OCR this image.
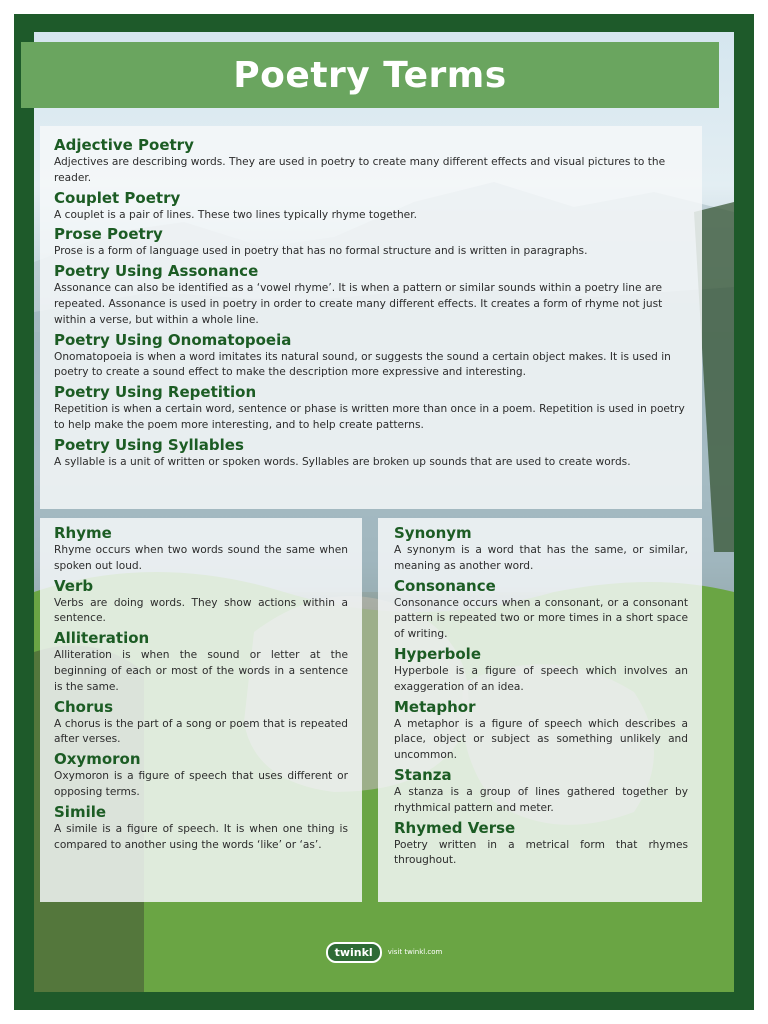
Poetry Terms
Adjective Poetry

Adjectives are describing words. They are used in poetry to create many different effects and visual pictures to the reader.

Couplet Poetry

A couplet is a pair of lines. These two lines typically rhyme together.

Prose Poetry

Prose is a form of language used in poetry that has no formal structure and is written in paragraphs.

Poetry Using Assonance

Assonance can also be identified as a ‘vowel rhyme’. It is when a pattern or similar sounds within a poetry line are repeated. Assonance is used in poetry in order to create many different effects. It creates a form of rhyme not just within a verse, but within a whole line.

Poetry Using Onomatopoeia

Onomatopoeia is when a word imitates its natural sound, or suggests the sound a certain object makes. It is used in poetry to create a sound effect to make the description more expressive and interesting.

Poetry Using Repetition

Repetition is when a certain word, sentence or phase is written more than once in a poem. Repetition is used in poetry to help make the poem more interesting, and to help create patterns.

Poetry Using Syllables

A syllable is a unit of written or spoken words. Syllables are broken up sounds that are used to create words.

Rhyme

Rhyme occurs when two words sound the same when spoken out loud.

Verb

Verbs are doing words. They show actions within a sentence.

Alliteration

Alliteration is when the sound or letter at the beginning of each or most of the words in a sentence is the same.

Chorus

A chorus is the part of a song or poem that is repeated after verses.

Oxymoron

Oxymoron is a figure of speech that uses different or opposing terms.

Simile

A simile is a figure of speech. It is when one thing is compared to another using the words ‘like’ or ‘as’.

Synonym

A synonym is a word that has the same, or similar, meaning as another word.

Consonance

Consonance occurs when a consonant, or a consonant pattern is repeated two or more times in a short space of writing.

Hyperbole

Hyperbole is a figure of speech which involves an exaggeration of an idea.

Metaphor

A metaphor is a figure of speech which describes a place, object or subject as something unlikely and uncommon.

Stanza

A stanza is a group of lines gathered together by rhythmical pattern and meter.

Rhymed Verse

Poetry written in a metrical form that rhymes throughout.

twinkl	visit twinkl.com
